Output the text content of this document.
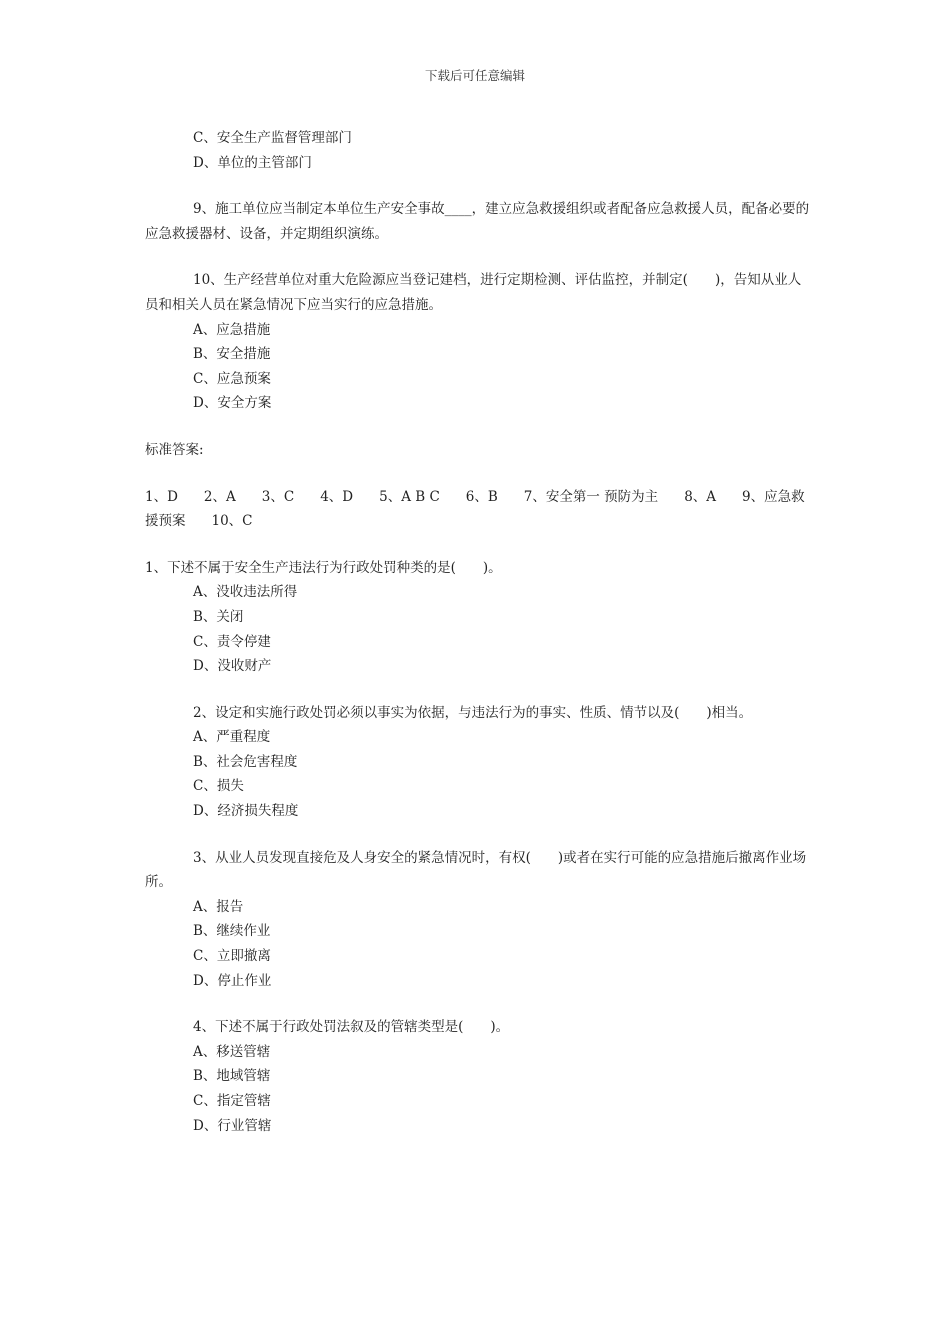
下载后可任意编辑
C、安全生产监督管理部门
D、单位的主管部门
9、施工单位应当制定本单位生产安全事故____，建立应急救援组织或者配备应急救援人员，配备必要的应急救援器材、设备，并定期组织演练。
10、生产经营单位对重大危险源应当登记建档，进行定期检测、评估监控，并制定(　　)，告知从业人员和相关人员在紧急情况下应当实行的应急措施。
A、应急措施
B、安全措施
C、应急预案
D、安全方案
标准答案:
1、D 2、A 3、C 4、D 5、A B C 6、B 7、安全第一 预防为主 8、A 9、应急救援预案 10、C
1、下述不属于安全生产违法行为行政处罚种类的是(　　)。
A、没收违法所得
B、关闭
C、责令停建
D、没收财产
2、设定和实施行政处罚必须以事实为依据，与违法行为的事实、性质、情节以及(　　)相当。
A、严重程度
B、社会危害程度
C、损失
D、经济损失程度
3、从业人员发现直接危及人身安全的紧急情况时，有权(　　)或者在实行可能的应急措施后撤离作业场所。
A、报告
B、继续作业
C、立即撤离
D、停止作业
4、下述不属于行政处罚法叙及的管辖类型是(　　)。
A、移送管辖
B、地域管辖
C、指定管辖
D、行业管辖
